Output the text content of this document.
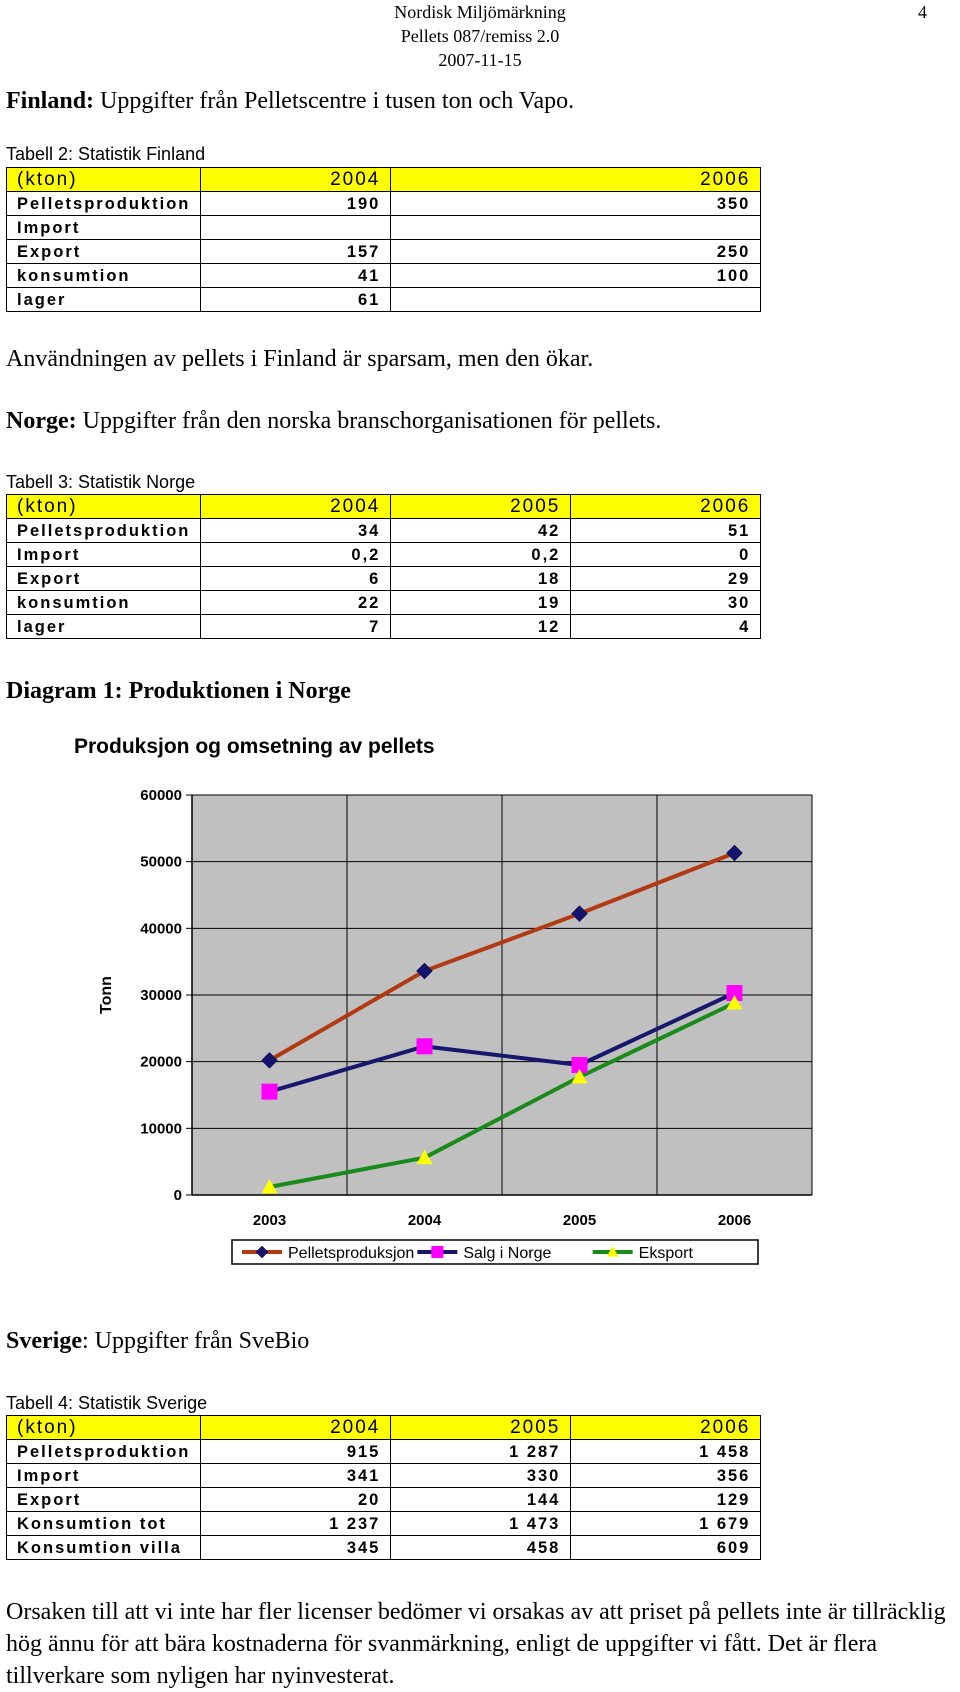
Nordisk Miljömärkning
Pellets 087/remiss 2.0
2007-11-15
4
Finland: Uppgifter från Pelletscentre i tusen ton och Vapo.
Tabell 2: Statistik Finland
(kton)	2004	2006
Pelletsproduktion	190	350
Import		
Export	157	250
konsumtion	41	100
lager	61	
Användningen av pellets i Finland är sparsam, men den ökar.
Norge: Uppgifter från den norska branschorganisationen för pellets.
Tabell 3: Statistik Norge
(kton)	2004	2005	2006
Pelletsproduktion	34	42	51
Import	0,2	0,2	0
Export	6	18	29
konsumtion	22	19	30
lager	7	12	4
Diagram 1: Produktionen i Norge
Produksjon og omsetning av pellets
0
10000
20000
30000
40000
50000
60000
2003	2004	2005	2006
Tonn
Pelletsproduksjon	Salg i Norge	Eksport
Sverige: Uppgifter från SveBio
Tabell 4: Statistik Sverige
(kton)	2004	2005	2006
Pelletsproduktion	915	1 287	1 458
Import	341	330	356
Export	20	144	129
Konsumtion tot	1 237	1 473	1 679
Konsumtion villa	345	458	609
Orsaken till att vi inte har fler licenser bedömer vi orsakas av att priset på pellets inte är tillräcklig hög ännu för att bära kostnaderna för svanmärkning, enligt de uppgifter vi fått. Det är flera tillverkare som nyligen har nyinvesterat.
